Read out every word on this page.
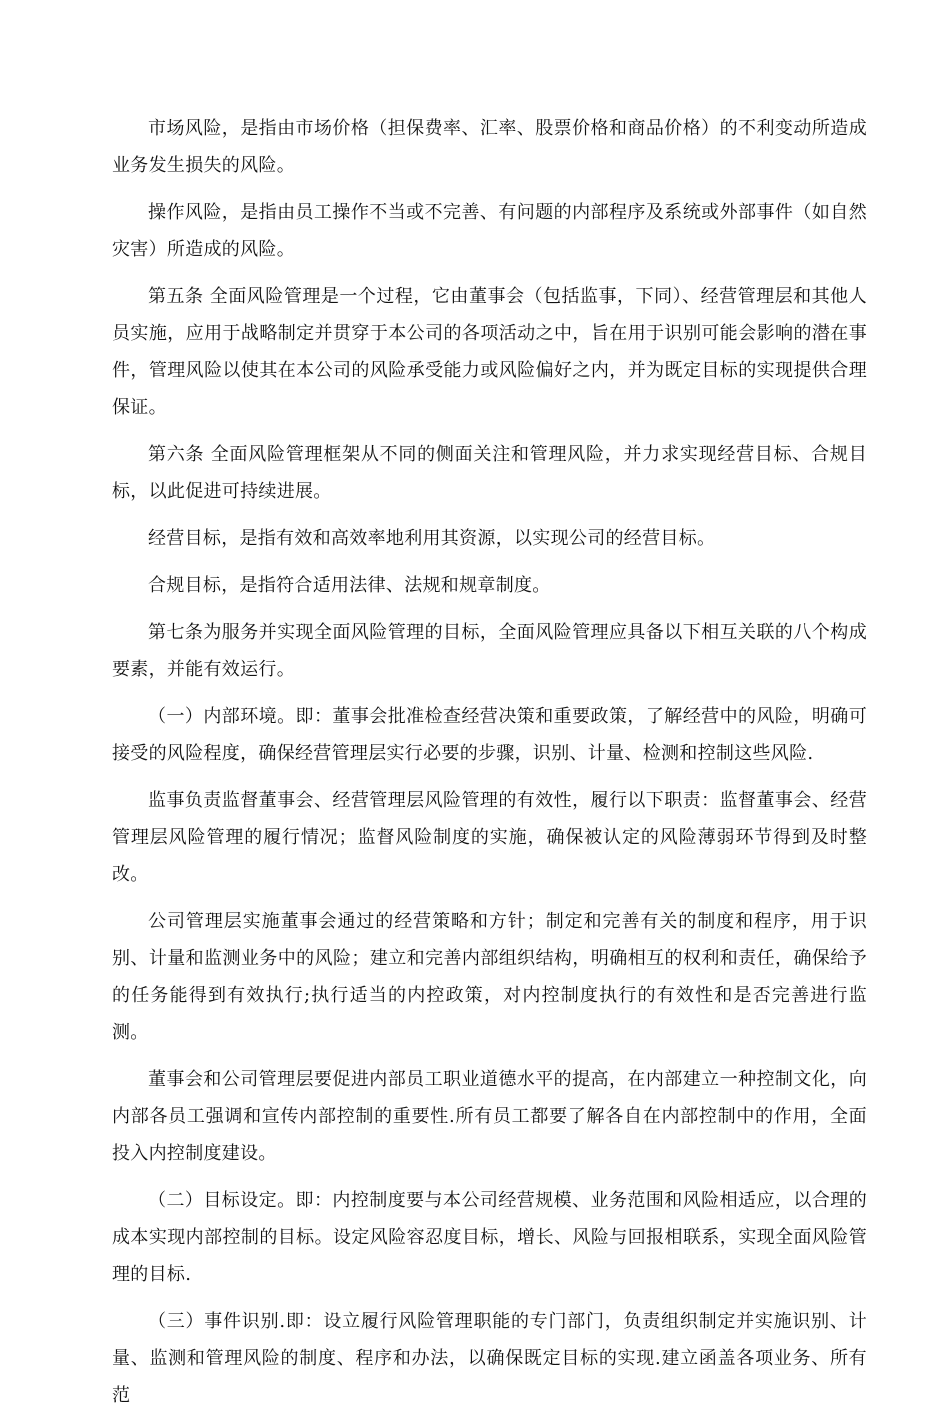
市场风险，是指由市场价格（担保费率、汇率、股票价格和商品价格）的不利变动所造成业务发生损失的风险。

操作风险，是指由员工操作不当或不完善、有问题的内部程序及系统或外部事件（如自然灾害）所造成的风险。

第五条 全面风险管理是一个过程，它由董事会（包括监事，下同）、经营管理层和其他人员实施，应用于战略制定并贯穿于本公司的各项活动之中，旨在用于识别可能会影响的潜在事件，管理风险以使其在本公司的风险承受能力或风险偏好之内，并为既定目标的实现提供合理保证。

第六条 全面风险管理框架从不同的侧面关注和管理风险，并力求实现经营目标、合规目标，以此促进可持续进展。

经营目标，是指有效和高效率地利用其资源，以实现公司的经营目标。

合规目标，是指符合适用法律、法规和规章制度。

第七条为服务并实现全面风险管理的目标，全面风险管理应具备以下相互关联的八个构成要素，并能有效运行。

（一）内部环境。即：董事会批准检查经营决策和重要政策，了解经营中的风险，明确可接受的风险程度，确保经营管理层实行必要的步骤，识别、计量、检测和控制这些风险.

监事负责监督董事会、经营管理层风险管理的有效性，履行以下职责：监督董事会、经营管理层风险管理的履行情况；监督风险制度的实施，确保被认定的风险薄弱环节得到及时整改。

公司管理层实施董事会通过的经营策略和方针；制定和完善有关的制度和程序，用于识别、计量和监测业务中的风险；建立和完善内部组织结构，明确相互的权利和责任，确保给予的任务能得到有效执行;执行适当的内控政策，对内控制度执行的有效性和是否完善进行监测。

董事会和公司管理层要促进内部员工职业道德水平的提高，在内部建立一种控制文化，向内部各员工强调和宣传内部控制的重要性.所有员工都要了解各自在内部控制中的作用，全面投入内控制度建设。

（二）目标设定。即：内控制度要与本公司经营规模、业务范围和风险相适应，以合理的成本实现内部控制的目标。设定风险容忍度目标，增长、风险与回报相联系，实现全面风险管理的目标.

（三）事件识别.即：设立履行风险管理职能的专门部门，负责组织制定并实施识别、计量、监测和管理风险的制度、程序和办法，以确保既定目标的实现.建立函盖各项业务、所有范
